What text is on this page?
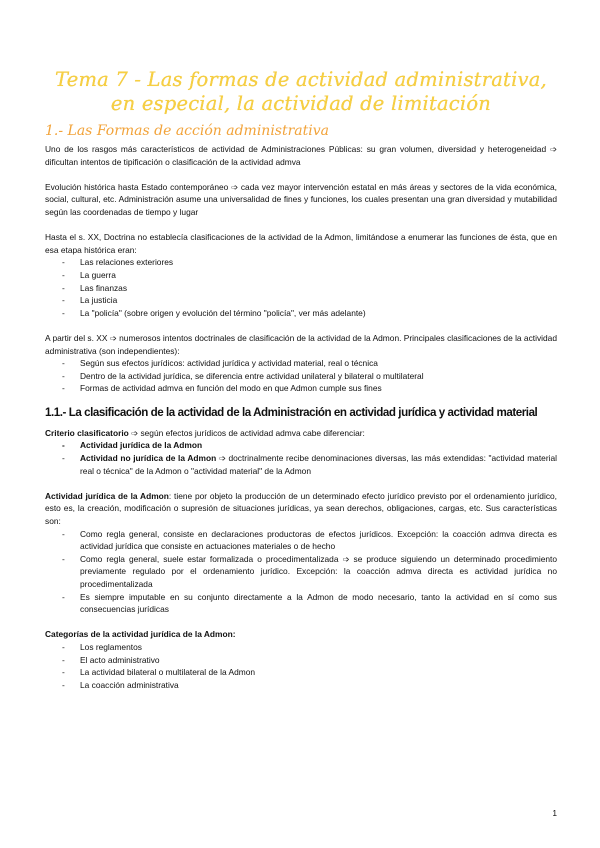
Tema 7 - Las formas de actividad administrativa,
en especial, la actividad de limitación
1.- Las Formas de acción administrativa

Uno de los rasgos más característicos de actividad de Administraciones Públicas: su gran volumen, diversidad y heterogeneidad ➩ dificultan intentos de tipificación o clasificación de la actividad admva

Evolución histórica hasta Estado contemporáneo ➩ cada vez mayor intervención estatal en más áreas y sectores de la vida económica, social, cultural, etc. Administración asume una universalidad de fines y funciones, los cuales presentan una gran diversidad y mutabilidad según las coordenadas de tiempo y lugar

Hasta el s. XX, Doctrina no establecía clasificaciones de la actividad de la Admon, limitándose a enumerar las funciones de ésta, que en esa etapa histórica eran:

- Las relaciones exteriores
- La guerra
- Las finanzas
- La justicia
- La "policía" (sobre origen y evolución del término "policía", ver más adelante)

A partir del s. XX ➩ numerosos intentos doctrinales de clasificación de la actividad de la Admon. Principales clasificaciones de la actividad administrativa (son independientes):

- Según sus efectos jurídicos: actividad jurídica y actividad material, real o técnica
- Dentro de la actividad jurídica, se diferencia entre actividad unilateral y bilateral o multilateral
- Formas de actividad admva en función del modo en que Admon cumple sus fines
1.1.- La clasificación de la actividad de la Administración en actividad jurídica y actividad material

Criterio clasificatorio ➩ según efectos jurídicos de actividad admva cabe diferenciar:

- Actividad jurídica de la Admon
- Actividad no jurídica de la Admon ➩ doctrinalmente recibe denominaciones diversas, las más extendidas: "actividad material real o técnica" de la Admon o "actividad material" de la Admon

Actividad jurídica de la Admon: tiene por objeto la producción de un determinado efecto jurídico previsto por el ordenamiento jurídico, esto es, la creación, modificación o supresión de situaciones jurídicas, ya sean derechos, obligaciones, cargas, etc. Sus características son:

- Como regla general, consiste en declaraciones productoras de efectos jurídicos. Excepción: la coacción admva directa es actividad jurídica que consiste en actuaciones materiales o de hecho
- Como regla general, suele estar formalizada o procedimentalizada ➩ se produce siguiendo un determinado procedimiento previamente regulado por el ordenamiento jurídico. Excepción: la coacción admva directa es actividad jurídica no procedimentalizada
- Es siempre imputable en su conjunto directamente a la Admon de modo necesario, tanto la actividad en sí como sus consecuencias jurídicas

Categorías de la actividad jurídica de la Admon:

- Los reglamentos
- El acto administrativo
- La actividad bilateral o multilateral de la Admon
- La coacción administrativa
1
